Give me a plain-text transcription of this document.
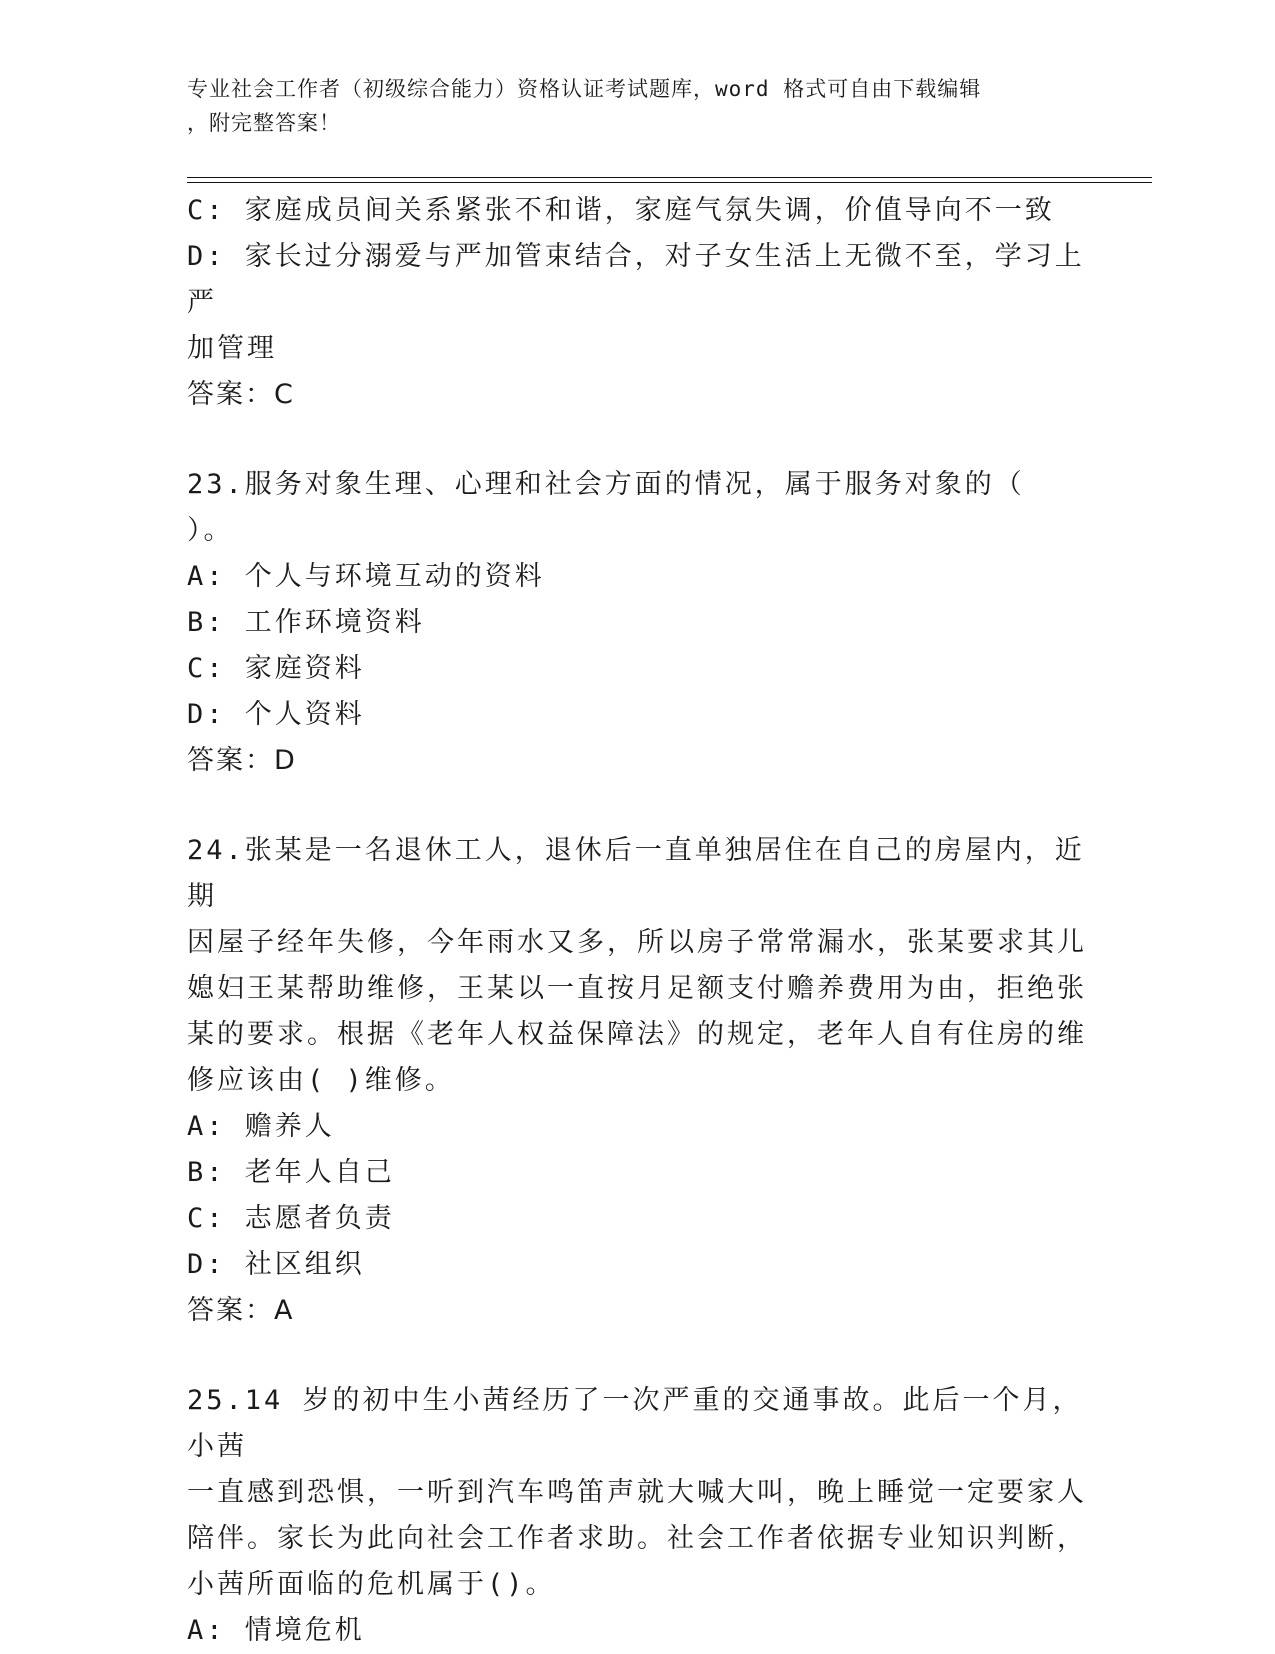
专业社会工作者（初级综合能力）资格认证考试题库，word 格式可自由下载编辑
，附完整答案！
C: 家庭成员间关系紧张不和谐，家庭气氛失调，价值导向不一致
D: 家长过分溺爱与严加管束结合，对子女生活上无微不至，学习上严
加管理
答案：C
23.服务对象生理、心理和社会方面的情况，属于服务对象的（ ）。
A: 个人与环境互动的资料
B: 工作环境资料
C: 家庭资料
D: 个人资料
答案：D
24.张某是一名退休工人，退休后一直单独居住在自己的房屋内，近期
因屋子经年失修，今年雨水又多，所以房子常常漏水，张某要求其儿
媳妇王某帮助维修，王某以一直按月足额支付赡养费用为由，拒绝张
某的要求。根据《老年人权益保障法》的规定，老年人自有住房的维
修应该由( )维修。
A: 赡养人
B: 老年人自己
C: 志愿者负责
D: 社区组织
答案：A
25.14 岁的初中生小茜经历了一次严重的交通事故。此后一个月，小茜
一直感到恐惧，一听到汽车鸣笛声就大喊大叫，晚上睡觉一定要家人
陪伴。家长为此向社会工作者求助。社会工作者依据专业知识判断，
小茜所面临的危机属于()。
A: 情境危机
